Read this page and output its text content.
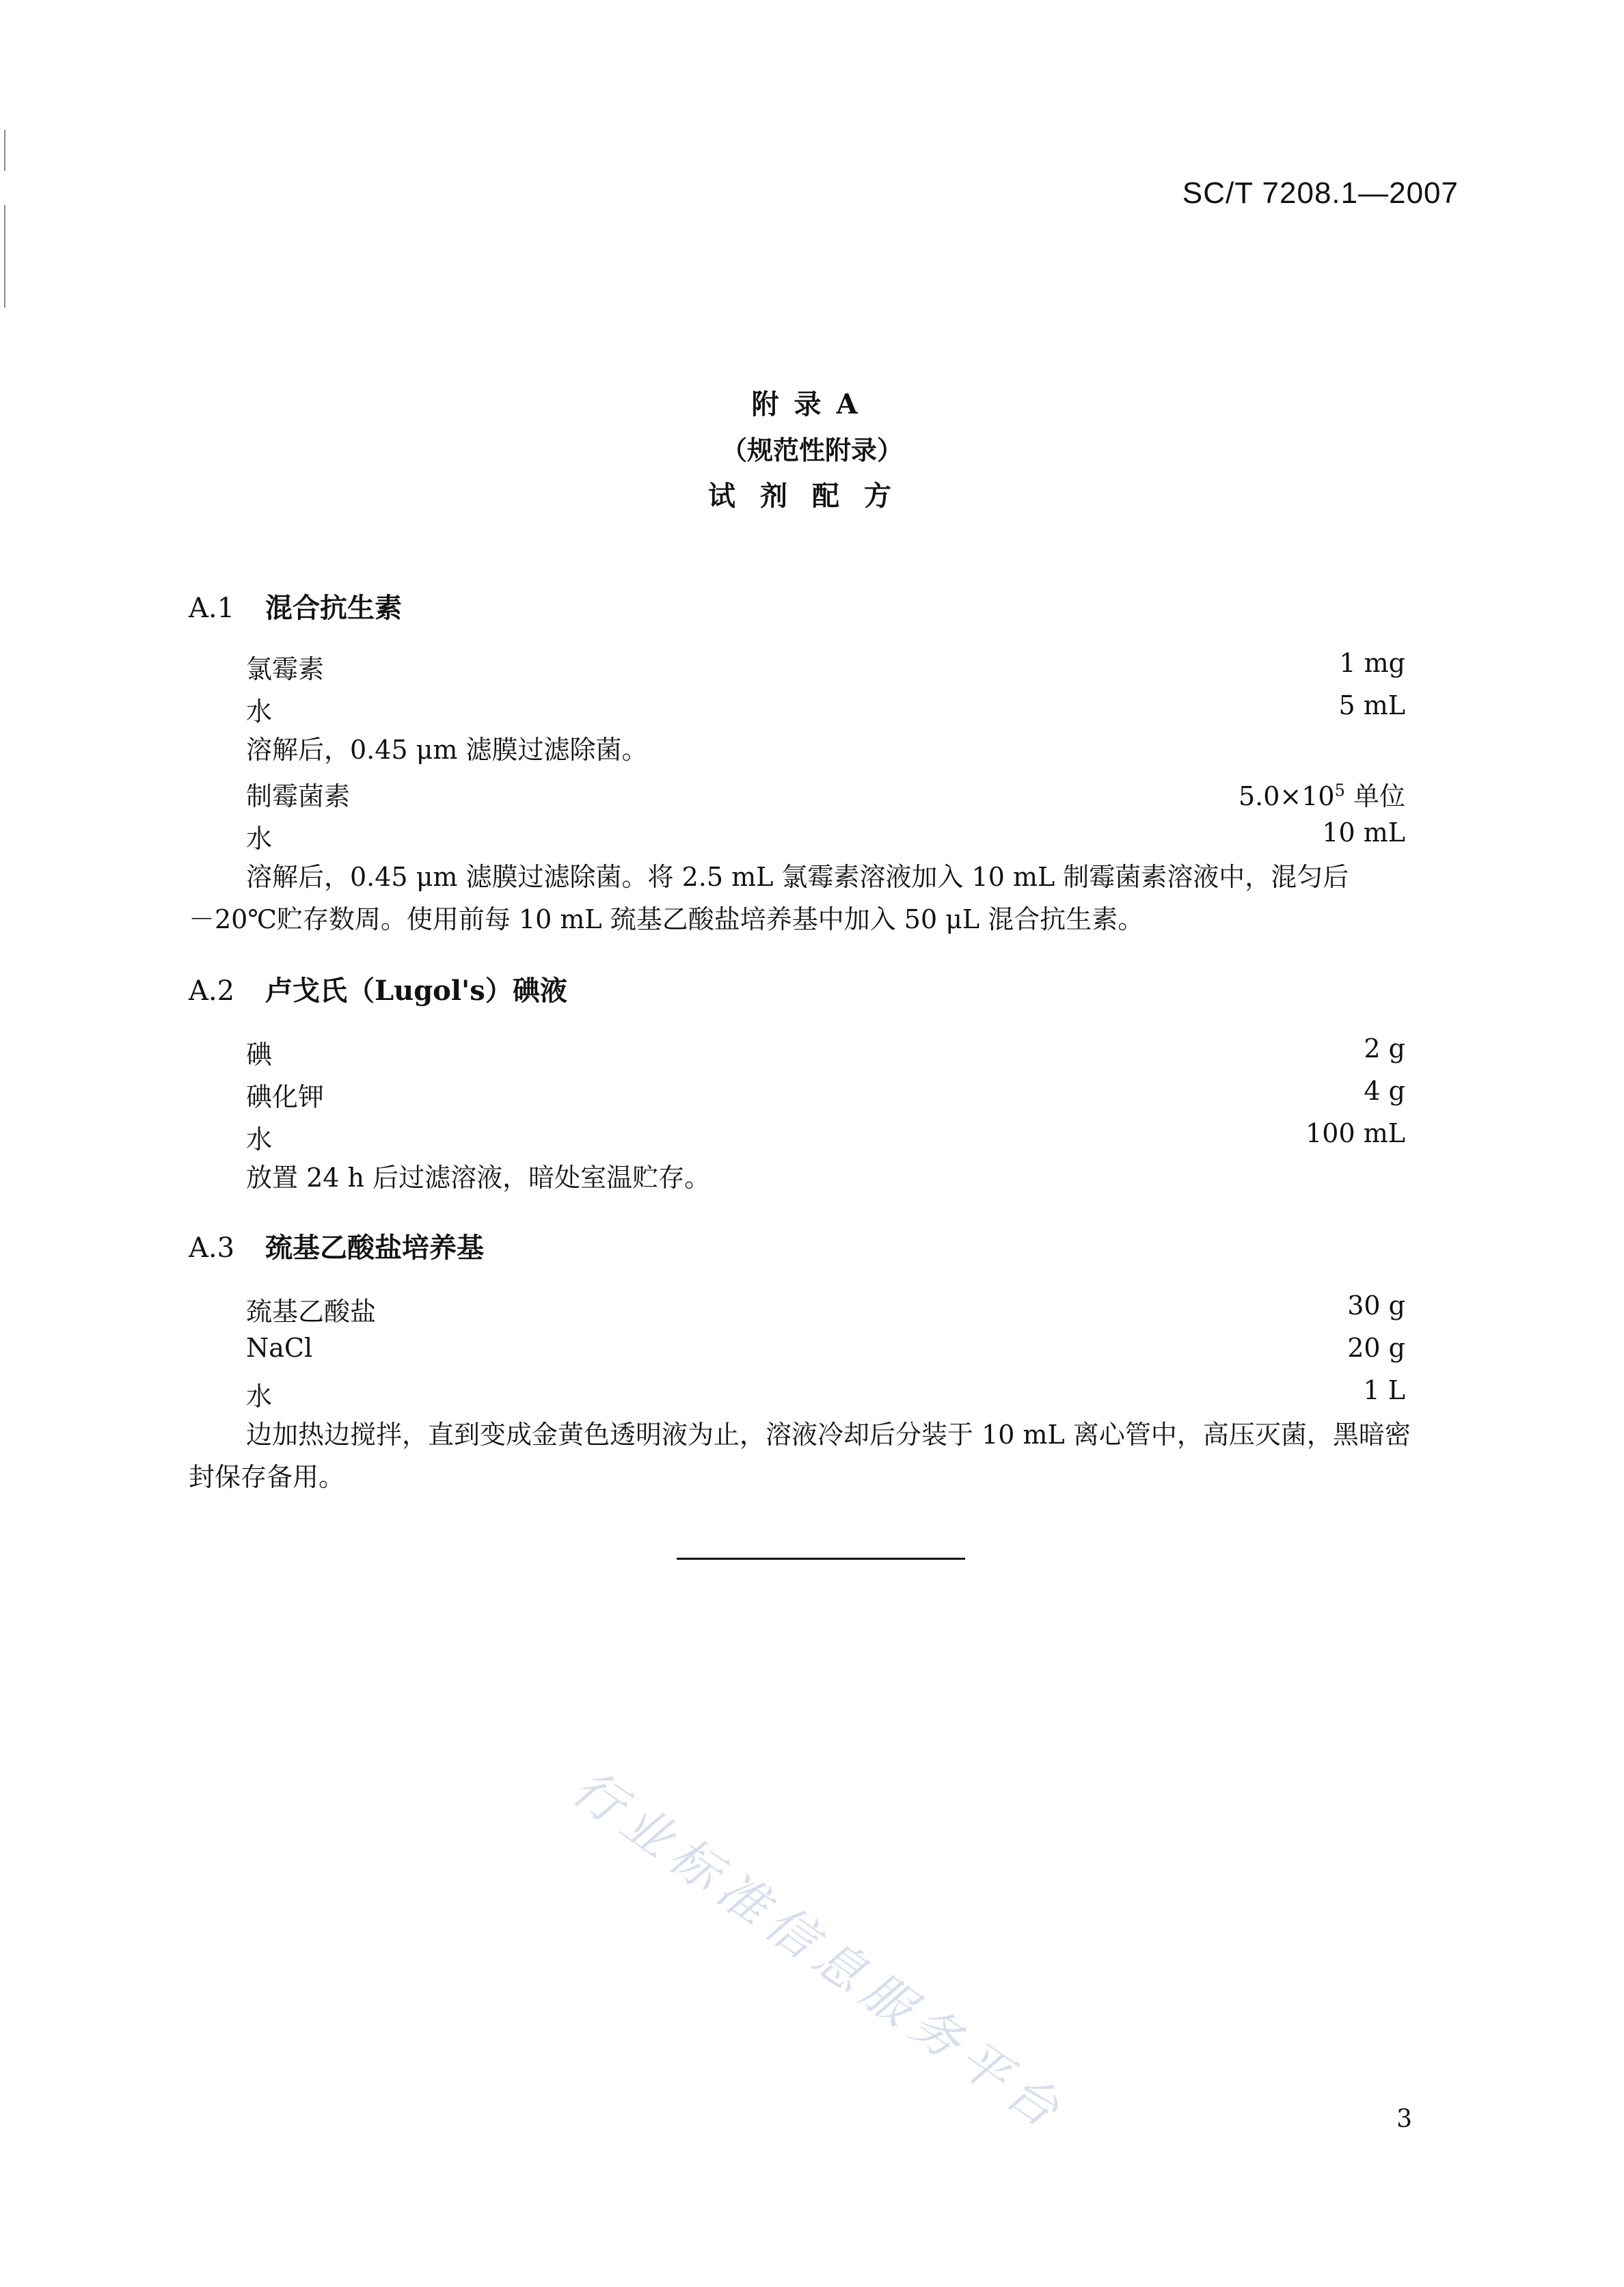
SC/T 7208.1—2007
附录A
（规范性附录）
试剂配方
A.1 混合抗生素
氯霉素	1 mg
水	5 mL
溶解后，0.45 μm 滤膜过滤除菌。
制霉菌素	$5.0\times 10^5$ 单位
水	10 mL
溶解后，0.45 μm 滤膜过滤除菌。将 2.5 mL 氯霉素溶液加入 10 mL 制霉菌素溶液中，混匀后
－20℃贮存数周。使用前每 10 mL 巯基乙酸盐培养基中加入 50 μL 混合抗生素。
A.2 卢戈氏（Lugol's）碘液
碘	2 g
碘化钾	4 g
水	100 mL
放置 24 h 后过滤溶液，暗处室温贮存。
A.3 巯基乙酸盐培养基
巯基乙酸盐	30 g
NaCl	20 g
水	1 L
边加热边搅拌，直到变成金黄色透明液为止，溶液冷却后分装于 10 mL 离心管中，高压灭菌，黑暗密
封保存备用。
行业标准信息服务平台	3
